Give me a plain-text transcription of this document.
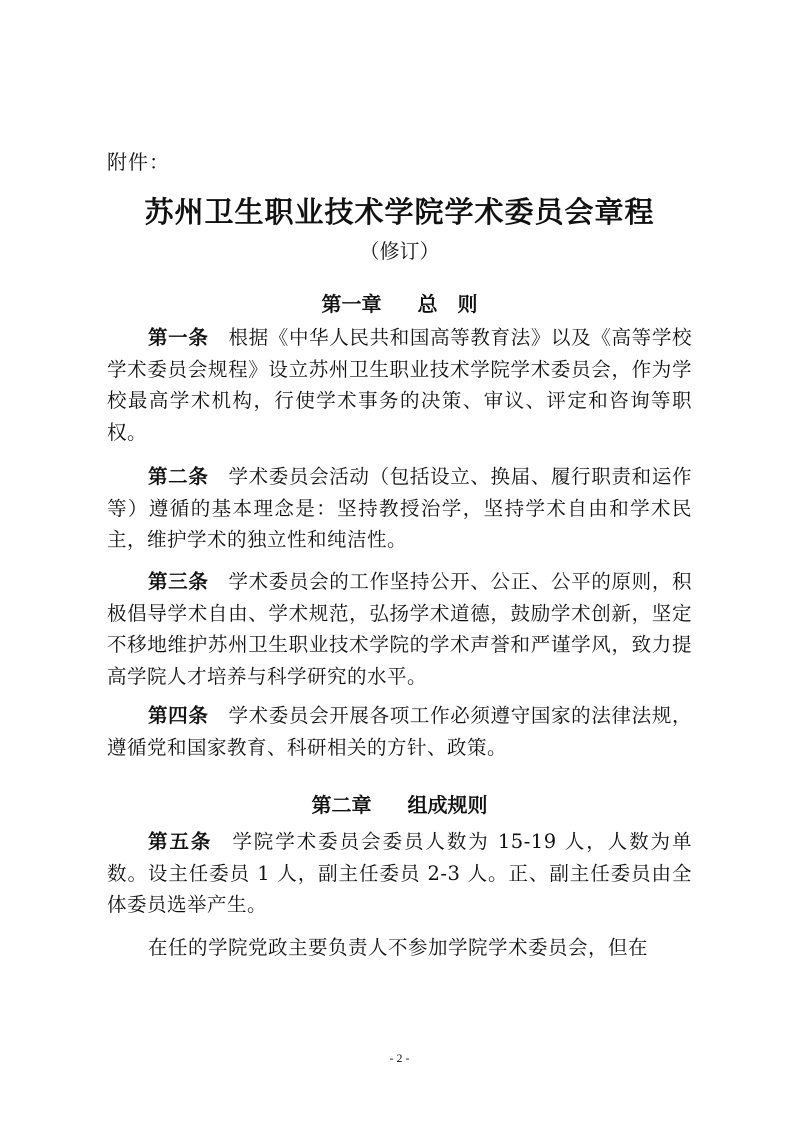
附件：
苏州卫生职业技术学院学术委员会章程
（修订）
第一章 总　则

第一条 根据《中华人民共和国高等教育法》以及《高等学校学术委员会规程》设立苏州卫生职业技术学院学术委员会，作为学校最高学术机构，行使学术事务的决策、审议、评定和咨询等职权。

第二条 学术委员会活动（包括设立、换届、履行职责和运作等）遵循的基本理念是：坚持教授治学，坚持学术自由和学术民主，维护学术的独立性和纯洁性。

第三条 学术委员会的工作坚持公开、公正、公平的原则，积极倡导学术自由、学术规范，弘扬学术道德，鼓励学术创新，坚定不移地维护苏州卫生职业技术学院的学术声誉和严谨学风，致力提高学院人才培养与科学研究的水平。

第四条 学术委员会开展各项工作必须遵守国家的法律法规，遵循党和国家教育、科研相关的方针、政策。

第二章 组成规则

第五条 学院学术委员会委员人数为 15-19 人，人数为单数。设主任委员 1 人，副主任委员 2-3 人。正、副主任委员由全体委员选举产生。

在任的学院党政主要负责人不参加学院学术委员会，但在

- 2 -
